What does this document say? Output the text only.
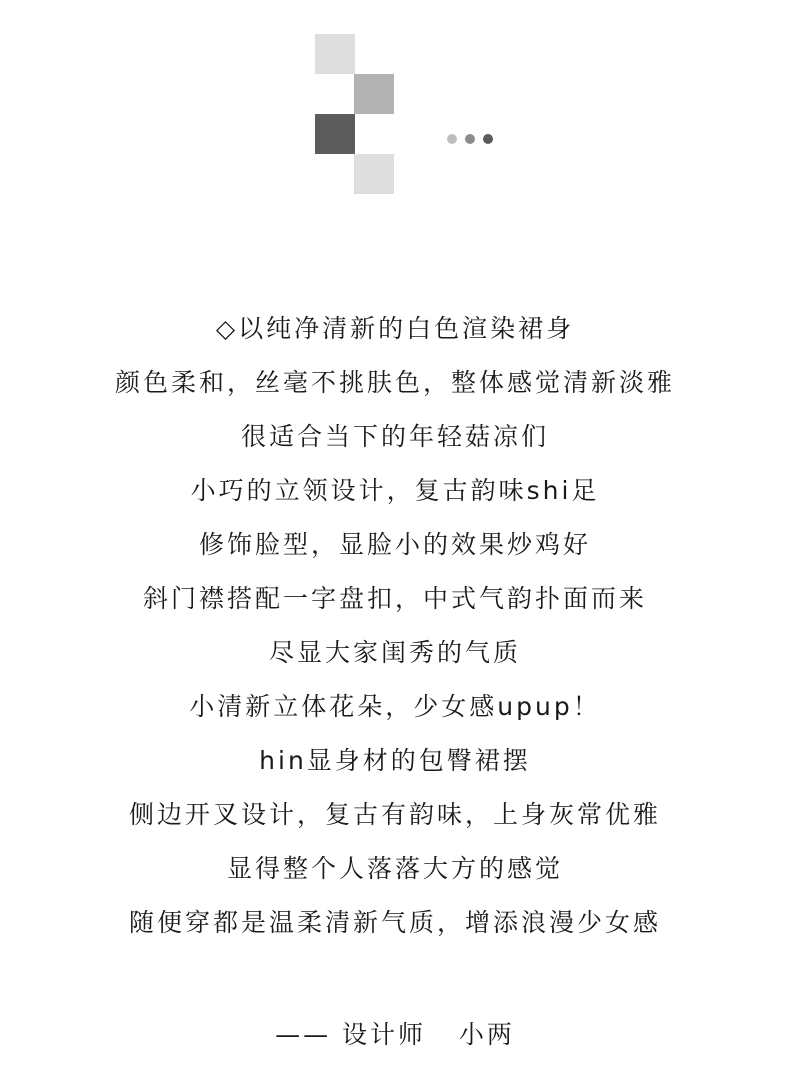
◇以纯净清新的白色渲染裙身
颜色柔和，丝毫不挑肤色，整体感觉清新淡雅
很适合当下的年轻菇凉们
小巧的立领设计，复古韵味shi足
修饰脸型，显脸小的效果炒鸡好
斜门襟搭配一字盘扣，中式气韵扑面而来
尽显大家闺秀的气质
小清新立体花朵，少女感upup！
hin显身材的包臀裙摆
侧边开叉设计，复古有韵味，上身灰常优雅
显得整个人落落大方的感觉
随便穿都是温柔清新气质，增添浪漫少女感
—— 设计师   小两
